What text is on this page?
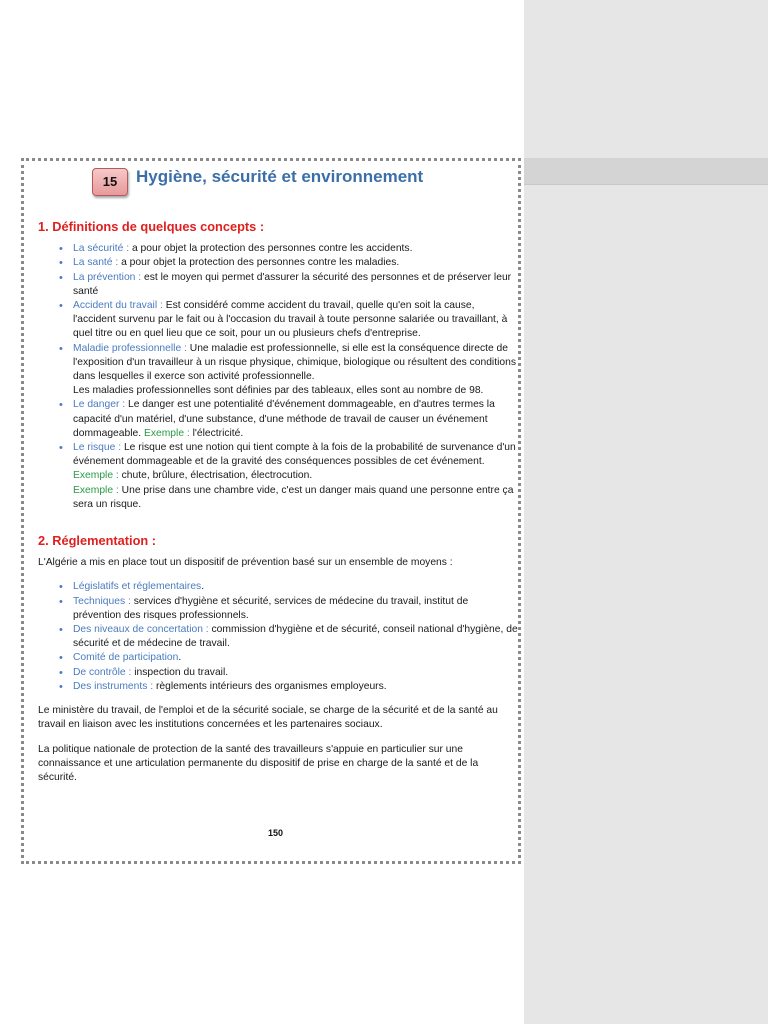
15	Hygiène, sécurité et environnement
1. Définitions de quelques concepts :
• La sécurité : a pour objet la protection des personnes contre les accidents.
• La santé : a pour objet la protection des personnes contre les maladies.
• La prévention : est le moyen qui permet d'assurer la sécurité des personnes et de préserver leur santé
• Accident du travail : Est considéré comme accident du travail, quelle qu'en soit la cause, l'accident survenu par le fait ou à l'occasion du travail à toute personne salariée ou travaillant, à quel titre ou en quel lieu que ce soit, pour un ou plusieurs chefs d'entreprise.
• Maladie professionnelle : Une maladie est professionnelle, si elle est la conséquence directe de l'exposition d'un travailleur à un risque physique, chimique, biologique ou résultent des conditions dans lesquelles il exerce son activité professionnelle.
Les maladies professionnelles sont définies par des tableaux, elles sont au nombre de 98.
• Le danger : Le danger est une potentialité d'événement dommageable, en d'autres termes la capacité d'un matériel, d'une substance, d'une méthode de travail de causer un événement dommageable. Exemple : l'électricité.
• Le risque : Le risque est une notion qui tient compte à la fois de la probabilité de survenance d'un événement dommageable et de la gravité des conséquences possibles de cet événement. Exemple : chute, brûlure, électrisation, électrocution.
Exemple : Une prise dans une chambre vide, c'est un danger mais quand une personne entre ça sera un risque.
2. Réglementation :

L'Algérie a mis en place tout un dispositif de prévention basé sur un ensemble de moyens :

• Législatifs et réglementaires.
• Techniques : services d'hygiène et sécurité, services de médecine du travail, institut de prévention des risques professionnels.
• Des niveaux de concertation : commission d'hygiène et de sécurité, conseil national d'hygiène, de sécurité et de médecine de travail.
• Comité de participation.
• De contrôle : inspection du travail.
• Des instruments : règlements intérieurs des organismes employeurs.

Le ministère du travail, de l'emploi et de la sécurité sociale, se charge de la sécurité et de la santé au travail en liaison avec les institutions concernées et les partenaires sociaux.

La politique nationale de protection de la santé des travailleurs s'appuie en particulier sur une connaissance et une articulation permanente du dispositif de prise en charge de la santé et de la sécurité.

150
